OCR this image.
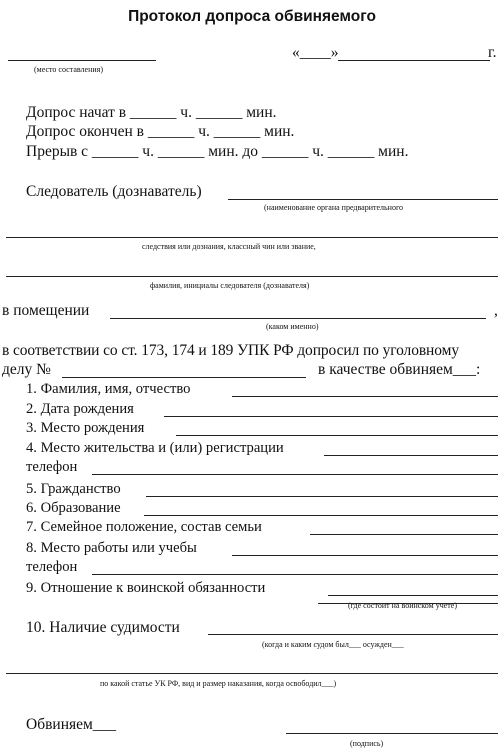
Протокол допроса обвиняемого
(место составления)
«____»	г.
Допрос начат в ______ ч. ______ мин.
Допрос окончен в ______ ч. ______ мин.
Прерыв с ______ ч. ______ мин. до ______ ч. ______ мин.
Следователь (дознаватель)
(наименование органа предварительного
следствия или дознания, классный чин или звание,
фамилия, инициалы следователя (дознавателя)
в помещении	,
(каком именно)
в соответствии со ст. 173, 174 и 189 УПК РФ допросил по уголовному
делу №	в качестве обвиняем___:
1. Фамилия, имя, отчество
2. Дата рождения
3. Место рождения
4. Место жительства и (или) регистрации
телефон
5. Гражданство
6. Образование
7. Семейное положение, состав семьи
8. Место работы или учебы
телефон
9. Отношение к воинской обязанности
(где состоит на воинском учете)
10. Наличие судимости
(когда и каким судом был___ осужден___
по какой статье УК РФ, вид и размер наказания, когда освободил___)
Обвиняем___
(подпись)
